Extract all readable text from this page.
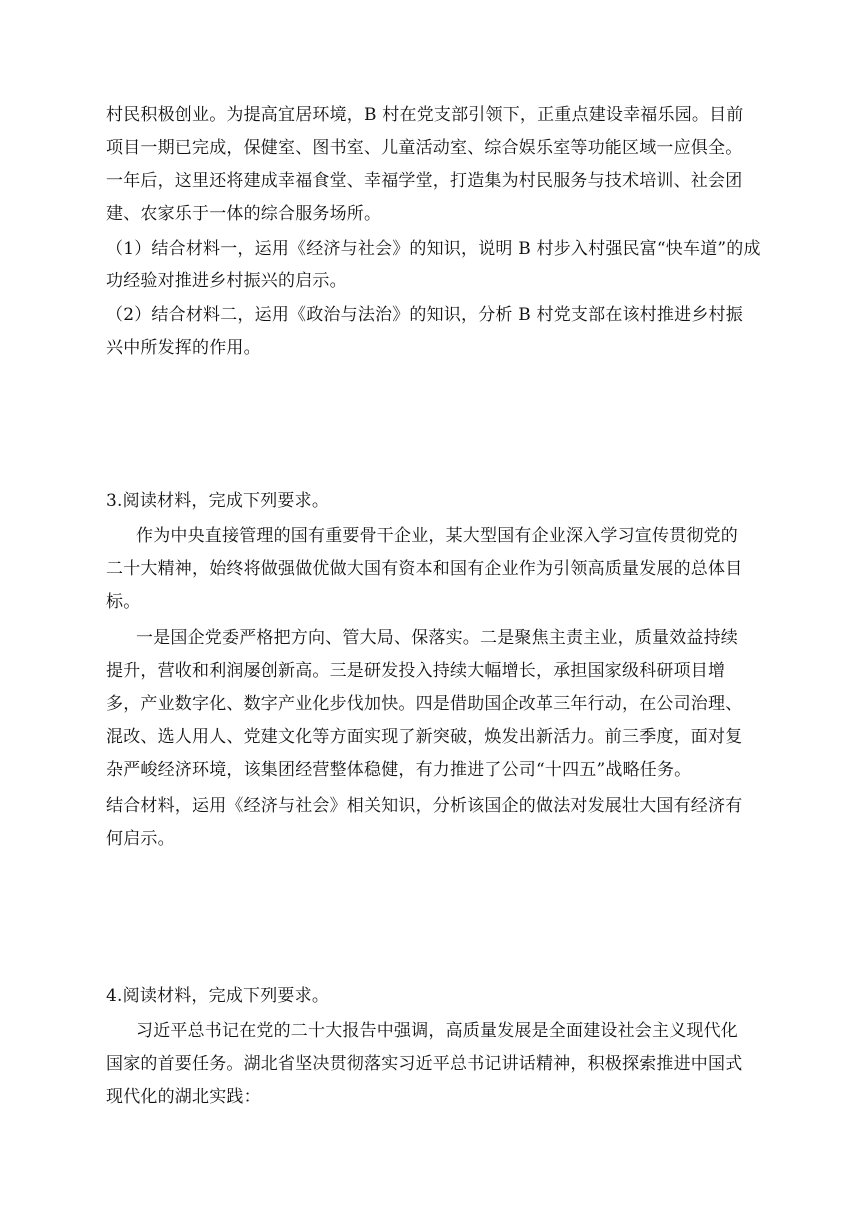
村民积极创业。为提高宜居环境，B 村在党支部引领下，正重点建设幸福乐园。目前
项目一期已完成，保健室、图书室、儿童活动室、综合娱乐室等功能区域一应俱全。
一年后，这里还将建成幸福食堂、幸福学堂，打造集为村民服务与技术培训、社会团
建、农家乐于一体的综合服务场所。
（1）结合材料一，运用《经济与社会》的知识，说明 B 村步入村强民富“快车道”的成
功经验对推进乡村振兴的启示。
（2）结合材料二，运用《政治与法治》的知识，分析 B 村党支部在该村推进乡村振
兴中所发挥的作用。
3.阅读材料，完成下列要求。
作为中央直接管理的国有重要骨干企业，某大型国有企业深入学习宣传贯彻党的
二十大精神，始终将做强做优做大国有资本和国有企业作为引领高质量发展的总体目
标。
一是国企党委严格把方向、管大局、保落实。二是聚焦主责主业，质量效益持续
提升，营收和利润屡创新高。三是研发投入持续大幅增长，承担国家级科研项目增
多，产业数字化、数字产业化步伐加快。四是借助国企改革三年行动，在公司治理、
混改、选人用人、党建文化等方面实现了新突破，焕发出新活力。前三季度，面对复
杂严峻经济环境，该集团经营整体稳健，有力推进了公司“十四五”战略任务。
结合材料，运用《经济与社会》相关知识，分析该国企的做法对发展壮大国有经济有
何启示。
4.阅读材料，完成下列要求。
习近平总书记在党的二十大报告中强调，高质量发展是全面建设社会主义现代化
国家的首要任务。湖北省坚决贯彻落实习近平总书记讲话精神，积极探索推进中国式
现代化的湖北实践：
